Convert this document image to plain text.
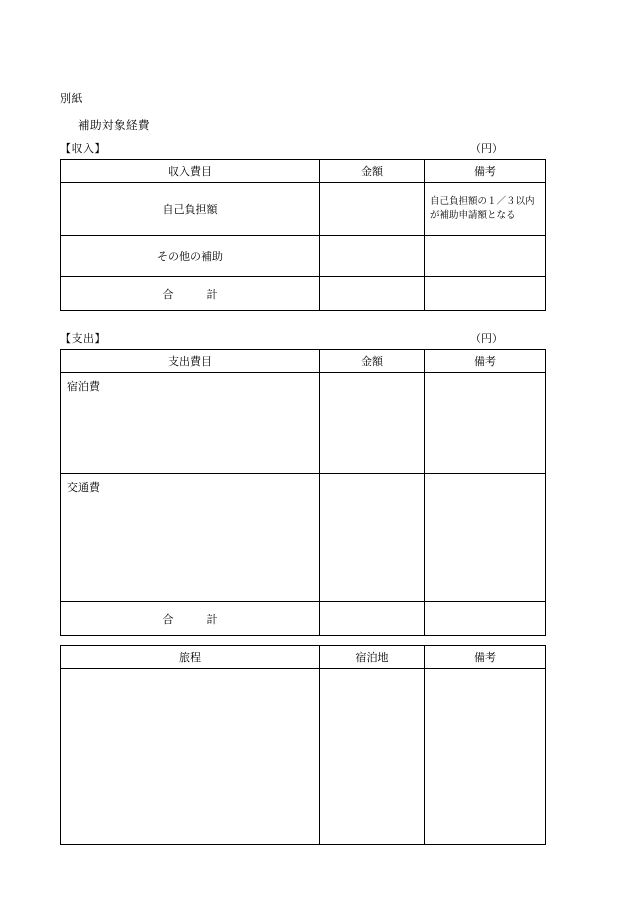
別紙
補助対象経費
【収入】	（円）
収入費目	金額	備考
自己負担額		自己負担額の１／３以内
が補助申請額となる

その他の補助		
合　　　計		
【支出】	（円）
支出費目	金額	備考
宿泊費		
交通費		
合　　　計		
旅程	宿泊地	備考
